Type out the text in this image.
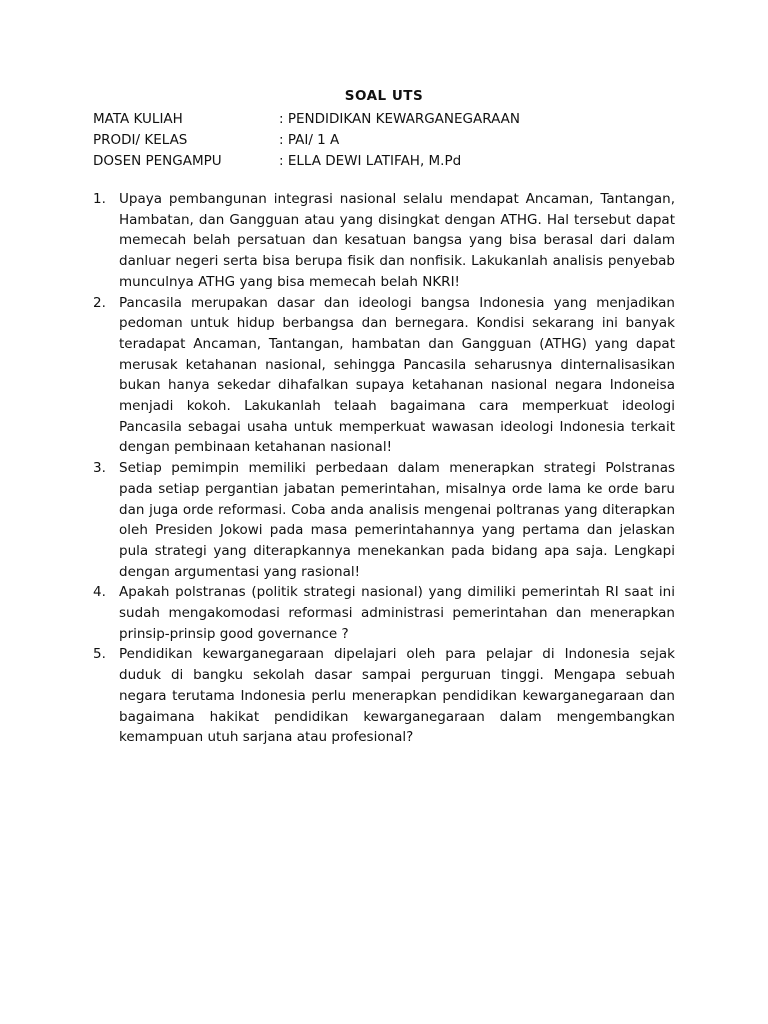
SOAL UTS
MATA KULIAH	: PENDIDIKAN KEWARGANEGARAAN
PRODI/ KELAS	: PAI/ 1 A
DOSEN PENGAMPU	: ELLA DEWI LATIFAH, M.Pd
1. Upaya pembangunan integrasi nasional selalu mendapat Ancaman, Tantangan, Hambatan, dan Gangguan atau yang disingkat dengan ATHG. Hal tersebut dapat memecah belah persatuan dan kesatuan bangsa yang bisa berasal dari dalam danluar negeri serta bisa berupa fisik dan nonfisik. Lakukanlah analisis penyebab munculnya ATHG yang bisa memecah belah NKRI!
2. Pancasila merupakan dasar dan ideologi bangsa Indonesia yang menjadikan pedoman untuk hidup berbangsa dan bernegara. Kondisi sekarang ini banyak teradapat Ancaman, Tantangan, hambatan dan Gangguan (ATHG) yang dapat merusak ketahanan nasional, sehingga Pancasila seharusnya dinternalisasikan bukan hanya sekedar dihafalkan supaya ketahanan nasional negara Indoneisa menjadi kokoh. Lakukanlah telaah bagaimana cara memperkuat ideologi Pancasila sebagai usaha untuk memperkuat wawasan ideologi Indonesia terkait dengan pembinaan ketahanan nasional!
3. Setiap pemimpin memiliki perbedaan dalam menerapkan strategi Polstranas pada setiap pergantian jabatan pemerintahan, misalnya orde lama ke orde baru dan juga orde reformasi. Coba anda analisis mengenai poltranas yang diterapkan oleh Presiden Jokowi pada masa pemerintahannya yang pertama dan jelaskan pula strategi yang diterapkannya menekankan pada bidang apa saja. Lengkapi dengan argumentasi yang rasional!
4. Apakah polstranas (politik strategi nasional) yang dimiliki pemerintah RI saat ini sudah mengakomodasi reformasi administrasi pemerintahan dan menerapkan prinsip-prinsip good governance ?
5. Pendidikan kewarganegaraan dipelajari oleh para pelajar di Indonesia sejak duduk di bangku sekolah dasar sampai perguruan tinggi. Mengapa sebuah negara terutama Indonesia perlu menerapkan pendidikan kewarganegaraan dan bagaimana hakikat pendidikan kewarganegaraan dalam mengembangkan kemampuan utuh sarjana atau profesional?
